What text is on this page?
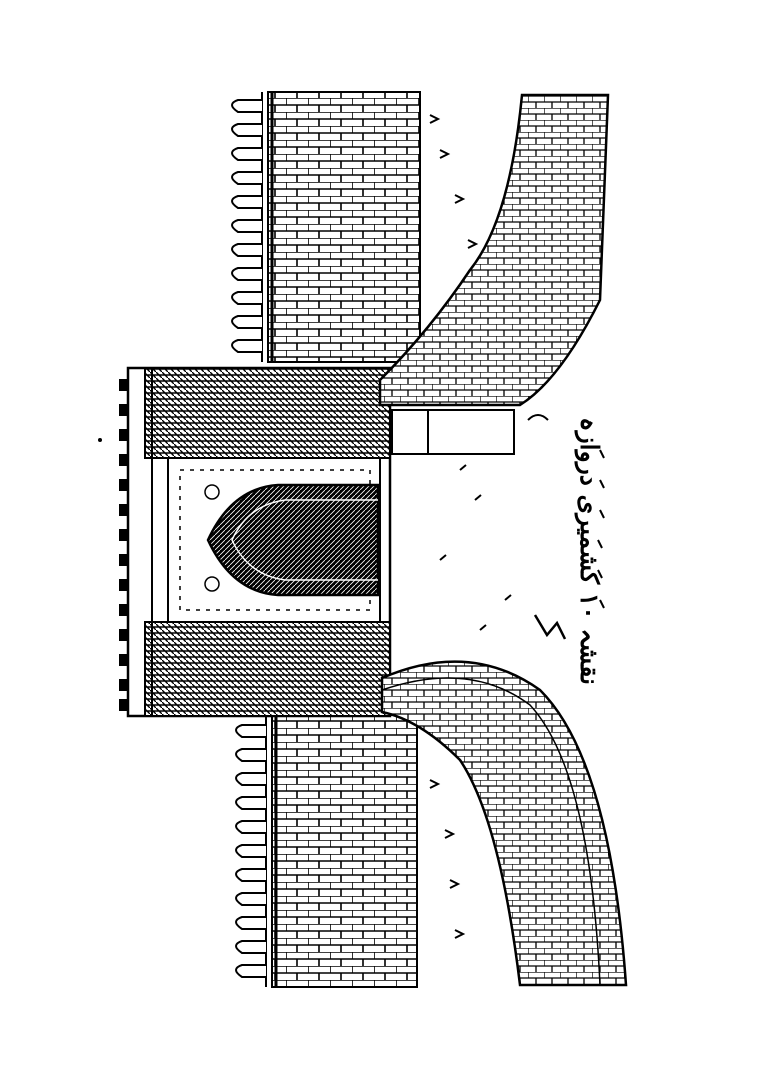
نقشہ ۱۰ کشمیری دروازہ
